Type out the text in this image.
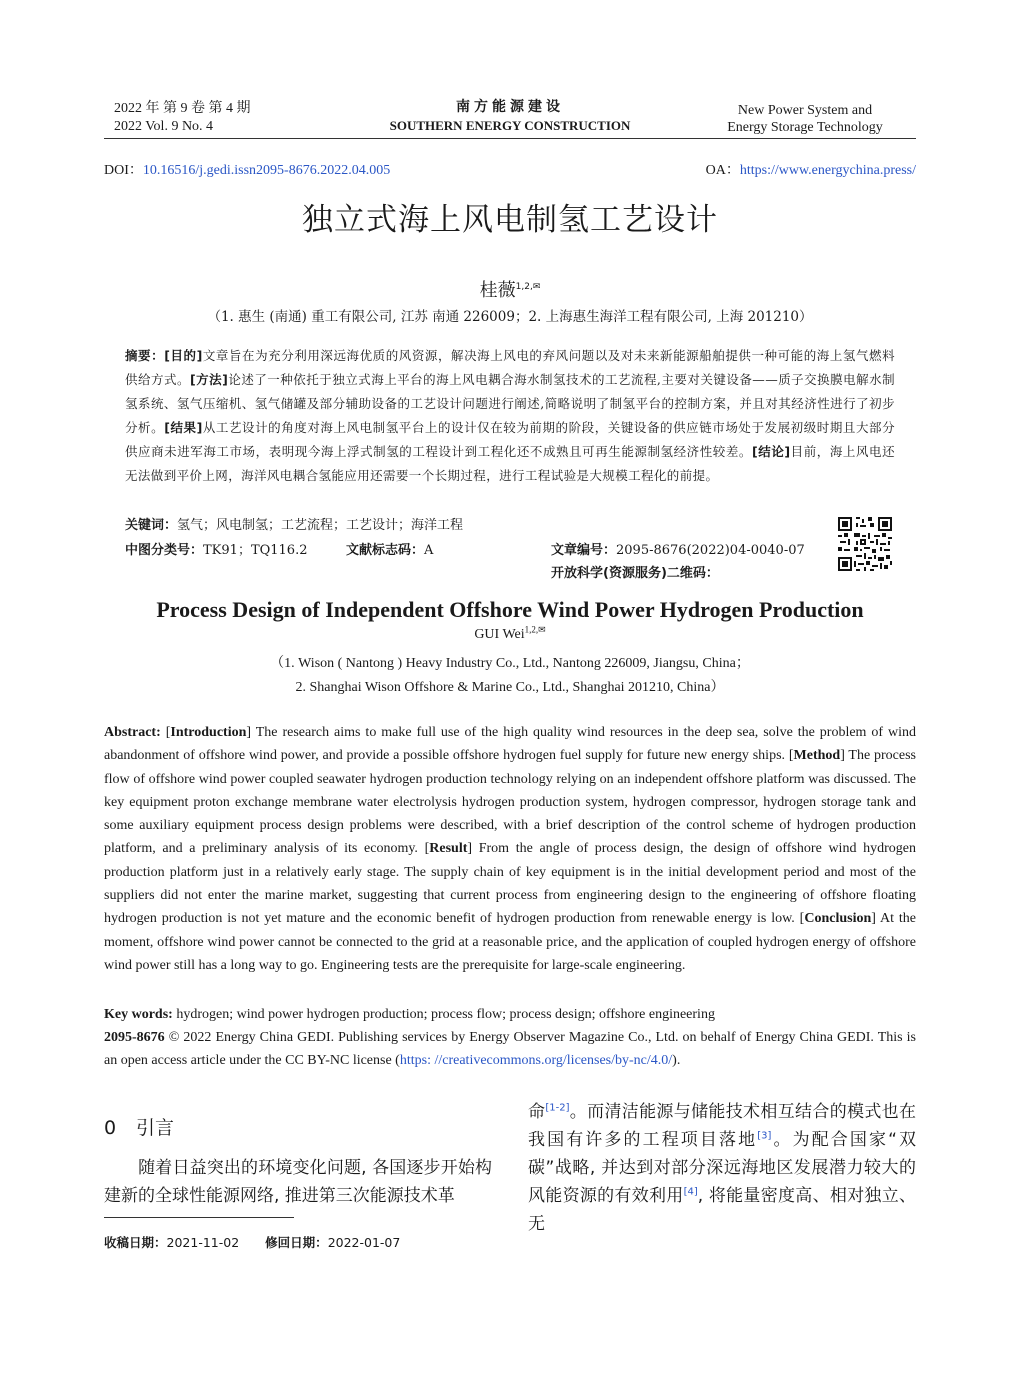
2022 年 第 9 卷 第 4 期
2022 Vol. 9 No. 4
南方能源建设
SOUTHERN ENERGY CONSTRUCTION
New Power System and
Energy Storage Technology
DOI：10.16516/j.gedi.issn2095-8676.2022.04.005	OA：https://www.energychina.press/
独立式海上风电制氢工艺设计
桂薇$^{1,2,✉}$
（1. 惠生 (南通) 重工有限公司, 江苏 南通 226009；2. 上海惠生海洋工程有限公司, 上海 201210）
摘要：[目的]文章旨在为充分利用深远海优质的风资源，解决海上风电的弃风问题以及对未来新能源船舶提供一种可能的海上氢气燃料供给方式。[方法]论述了一种依托于独立式海上平台的海上风电耦合海水制氢技术的工艺流程,主要对关键设备——质子交换膜电解水制氢系统、氢气压缩机、氢气储罐及部分辅助设备的工艺设计问题进行阐述,简略说明了制氢平台的控制方案，并且对其经济性进行了初步分析。[结果]从工艺设计的角度对海上风电制氢平台上的设计仅在较为前期的阶段，关键设备的供应链市场处于发展初级时期且大部分供应商未进军海工市场，表明现今海上浮式制氢的工程设计到工程化还不成熟且可再生能源制氢经济性较差。[结论]目前，海上风电还无法做到平价上网，海洋风电耦合氢能应用还需要一个长期过程，进行工程试验是大规模工程化的前提。
关键词：氢气；风电制氢；工艺流程；工艺设计；海洋工程
中图分类号：TK91；TQ116.2	文献标志码：A	文章编号：2095-8676(2022)04-0040-07
开放科学(资源服务)二维码：
Process Design of Independent Offshore Wind Power Hydrogen Production
GUI Wei$^{1,2,✉}$
（1. Wison ( Nantong ) Heavy Industry Co., Ltd., Nantong 226009, Jiangsu, China；
2. Shanghai Wison Offshore & Marine Co., Ltd., Shanghai 201210, China）
Abstract: [Introduction] The research aims to make full use of the high quality wind resources in the deep sea, solve the problem of wind abandonment of offshore wind power, and provide a possible offshore hydrogen fuel supply for future new energy ships. [Method] The process flow of offshore wind power coupled seawater hydrogen production technology relying on an independent offshore platform was discussed. The key equipment proton exchange membrane water electrolysis hydrogen production system, hydrogen compressor, hydrogen storage tank and some auxiliary equipment process design problems were described, with a brief description of the control scheme of hydrogen production platform, and a preliminary analysis of its economy. [Result] From the angle of process design, the design of offshore wind hydrogen production platform just in a relatively early stage. The supply chain of key equipment is in the initial development period and most of the suppliers did not enter the marine market, suggesting that current process from engineering design to the engineering of offshore floating hydrogen production is not yet mature and the economic benefit of hydrogen production from renewable energy is low. [Conclusion] At the moment, offshore wind power cannot be connected to the grid at a reasonable price, and the application of coupled hydrogen energy of offshore wind power still has a long way to go. Engineering tests are the prerequisite for large-scale engineering.
Key words: hydrogen; wind power hydrogen production; process flow; process design; offshore engineering
2095-8676 © 2022 Energy China GEDI. Publishing services by Energy Observer Magazine Co., Ltd. on behalf of Energy China GEDI. This is an open access article under the CC BY-NC license (https: //creativecommons.org/licenses/by-nc/4.0/).
0 引言
随着日益突出的环境变化问题, 各国逐步开始构建新的全球性能源网络, 推进第三次能源技术革
命[1-2]。而清洁能源与储能技术相互结合的模式也在我国有许多的工程项目落地[3]。为配合国家“双碳”战略, 并达到对部分深远海地区发展潜力较大的风能资源的有效利用[4], 将能量密度高、相对独立、无
收稿日期：2021-11-02 修回日期：2022-01-07
